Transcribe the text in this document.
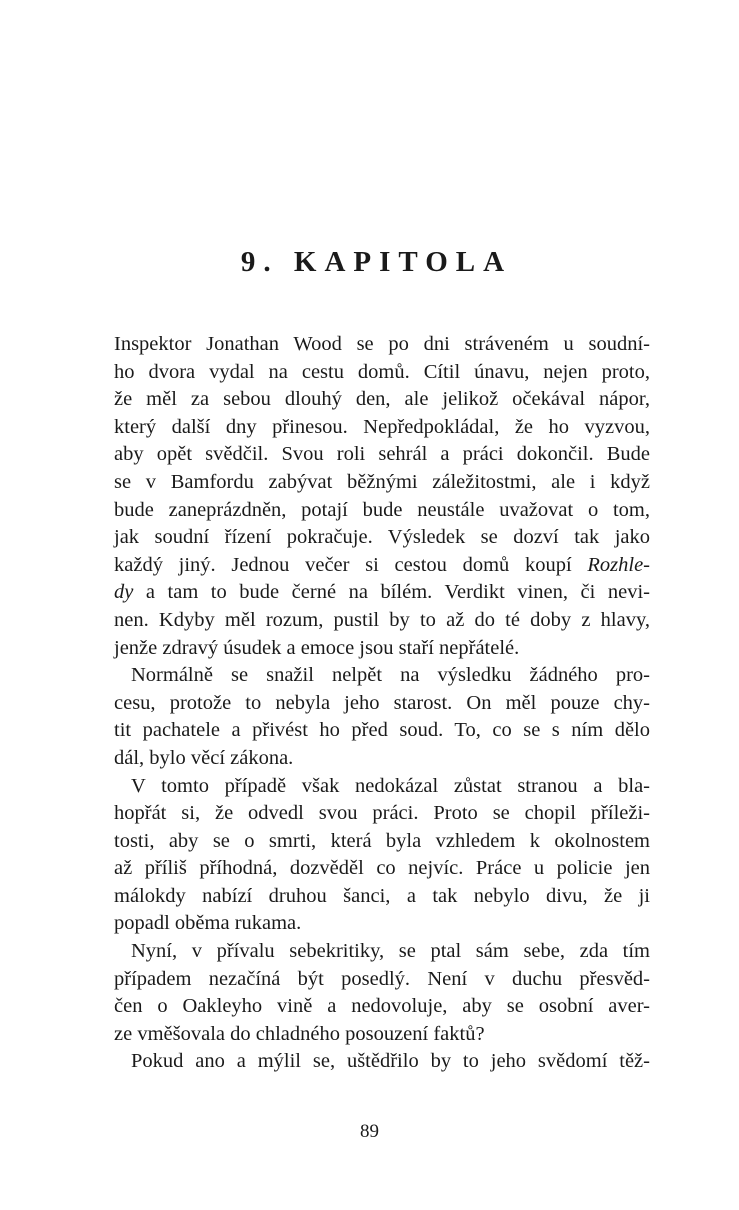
9. KAPITOLA
Inspektor Jonathan Wood se po dni stráveném u soudní-
ho dvora vydal na cestu domů. Cítil únavu, nejen proto,
že měl za sebou dlouhý den, ale jelikož očekával nápor,
který další dny přinesou. Nepředpokládal, že ho vyzvou,
aby opět svědčil. Svou roli sehrál a práci dokončil. Bude
se v Bamfordu zabývat běžnými záležitostmi, ale i když
bude zaneprázdněn, potají bude neustále uvažovat o tom,
jak soudní řízení pokračuje. Výsledek se dozví tak jako
každý jiný. Jednou večer si cestou domů koupí Rozhle-
dy a tam to bude černé na bílém. Verdikt vinen, či nevi-
nen. Kdyby měl rozum, pustil by to až do té doby z hlavy,
jenže zdravý úsudek a emoce jsou staří nepřátelé.
Normálně se snažil nelpět na výsledku žádného pro-
cesu, protože to nebyla jeho starost. On měl pouze chy-
tit pachatele a přivést ho před soud. To, co se s ním dělo
dál, bylo věcí zákona.
V tomto případě však nedokázal zůstat stranou a bla-
hopřát si, že odvedl svou práci. Proto se chopil příleži-
tosti, aby se o smrti, která byla vzhledem k okolnostem
až příliš příhodná, dozvěděl co nejvíc. Práce u policie jen
málokdy nabízí druhou šanci, a tak nebylo divu, že ji
popadl oběma rukama.
Nyní, v přívalu sebekritiky, se ptal sám sebe, zda tím
případem nezačíná být posedlý. Není v duchu přesvěd-
čen o Oakleyho vině a nedovoluje, aby se osobní aver-
ze vměšovala do chladného posouzení faktů?
Pokud ano a mýlil se, uštědřilo by to jeho svědomí těž-
89
